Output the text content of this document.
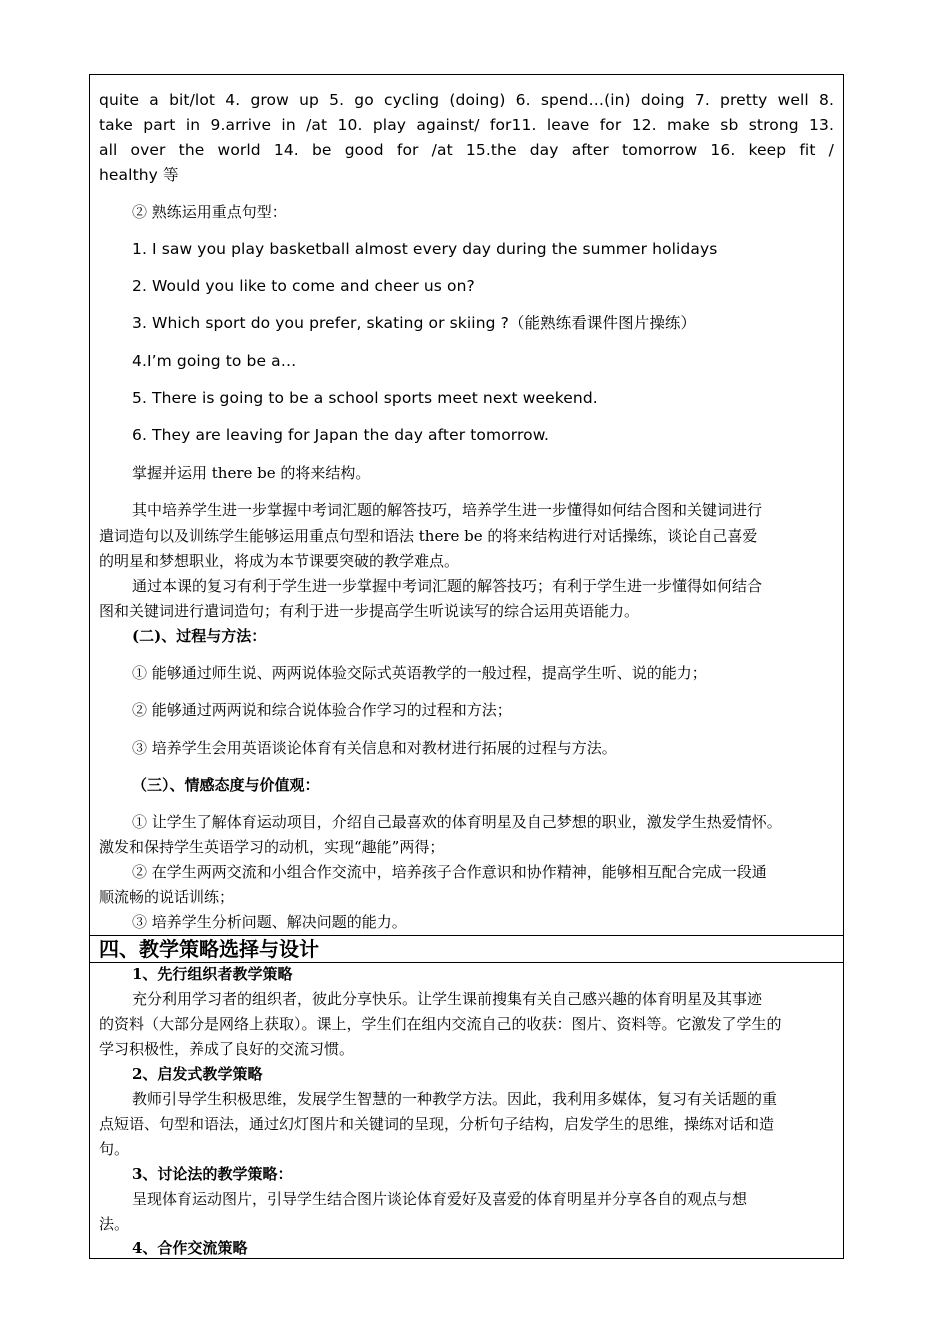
quite a bit/lot 4. grow up 5. go cycling (doing) 6. spend…(in) doing 7. pretty well 8.
take part in 9.arrive in /at 10. play against/ for11. leave for 12. make sb strong 13.
all over the world 14. be good for /at 15.the day after tomorrow 16. keep fit /
healthy 等
② 熟练运用重点句型：
1. I saw you play basketball almost every day during the summer holidays
2. Would you like to come and cheer us on?
3. Which sport do you prefer, skating or skiing ?（能熟练看课件图片操练）
4.I’m going to be a…
5. There is going to be a school sports meet next weekend.
6. They are leaving for Japan the day after tomorrow.
掌握并运用 there be 的将来结构。
其中培养学生进一步掌握中考词汇题的解答技巧，培养学生进一步懂得如何结合图和关键词进行
遣词造句以及训练学生能够运用重点句型和语法 there be 的将来结构进行对话操练，谈论自己喜爱
的明星和梦想职业，将成为本节课要突破的教学难点。
通过本课的复习有利于学生进一步掌握中考词汇题的解答技巧；有利于学生进一步懂得如何结合
图和关键词进行遣词造句；有利于进一步提高学生听说读写的综合运用英语能力。
(二)、过程与方法：
① 能够通过师生说、两两说体验交际式英语教学的一般过程，提高学生听、说的能力；
② 能够通过两两说和综合说体验合作学习的过程和方法；
③ 培养学生会用英语谈论体育有关信息和对教材进行拓展的过程与方法。
（三）、情感态度与价值观：
① 让学生了解体育运动项目，介绍自己最喜欢的体育明星及自己梦想的职业，激发学生热爱情怀。
激发和保持学生英语学习的动机，实现“趣能”两得；
② 在学生两两交流和小组合作交流中，培养孩子合作意识和协作精神，能够相互配合完成一段通
顺流畅的说话训练；
③ 培养学生分析问题、解决问题的能力。
四、教学策略选择与设计
1、先行组织者教学策略
充分利用学习者的组织者，彼此分享快乐。让学生课前搜集有关自己感兴趣的体育明星及其事迹
的资料（大部分是网络上获取）。课上，学生们在组内交流自己的收获：图片、资料等。它激发了学生的
学习积极性，养成了良好的交流习惯。
2、启发式教学策略
教师引导学生积极思维，发展学生智慧的一种教学方法。因此，我利用多媒体，复习有关话题的重
点短语、句型和语法，通过幻灯图片和关键词的呈现，分析句子结构，启发学生的思维，操练对话和造
句。
3、讨论法的教学策略：
呈现体育运动图片，引导学生结合图片谈论体育爱好及喜爱的体育明星并分享各自的观点与想
法。
4、合作交流策略
